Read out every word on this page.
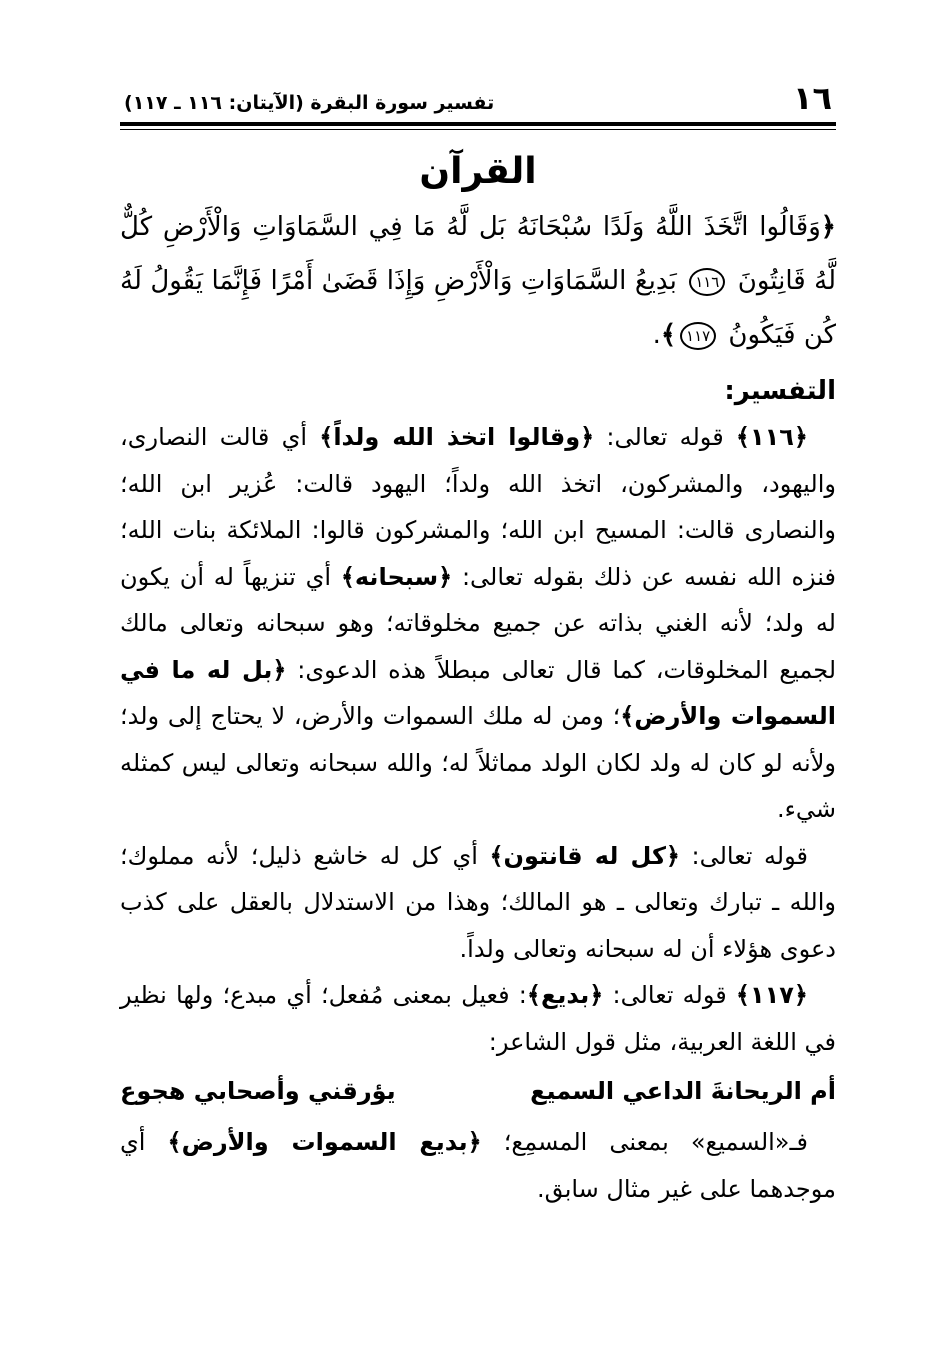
١٦
تفسير سورة البقرة (الآيتان: ١١٦ ـ ١١٧)
القرآن
﴿وَقَالُوا اتَّخَذَ اللَّهُ وَلَدًا سُبْحَانَهُ بَل لَّهُ مَا فِي السَّمَاوَاتِ وَالْأَرْضِ كُلٌّ لَّهُ قَانِتُونَ ١١٦ بَدِيعُ السَّمَاوَاتِ وَالْأَرْضِ وَإِذَا قَضَىٰ أَمْرًا فَإِنَّمَا يَقُولُ لَهُ كُن فَيَكُونُ ١١٧﴾.
التفسير:

﴿١١٦﴾ قوله تعالى: ﴿وقالوا اتخذ الله ولداً﴾ أي قالت النصارى، واليهود، والمشركون، اتخذ الله ولداً؛ اليهود قالت: عُزير ابن الله؛ والنصارى قالت: المسيح ابن الله؛ والمشركون قالوا: الملائكة بنات الله؛ فنزه الله نفسه عن ذلك بقوله تعالى: ﴿سبحانه﴾ أي تنزيهاً له أن يكون له ولد؛ لأنه الغني بذاته عن جميع مخلوقاته؛ وهو سبحانه وتعالى مالك لجميع المخلوقات، كما قال تعالى مبطلاً هذه الدعوى: ﴿بل له ما في السموات والأرض﴾؛ ومن له ملك السموات والأرض، لا يحتاج إلى ولد؛ ولأنه لو كان له ولد لكان الولد مماثلاً له؛ والله سبحانه وتعالى ليس كمثله شيء.

قوله تعالى: ﴿كل له قانتون﴾ أي كل له خاشع ذليل؛ لأنه مملوك؛ والله ـ تبارك وتعالى ـ هو المالك؛ وهذا من الاستدلال بالعقل على كذب دعوى هؤلاء أن له سبحانه وتعالى ولداً.

﴿١١٧﴾ قوله تعالى: ﴿بديع﴾: فعيل بمعنى مُفعل؛ أي مبدع؛ ولها نظير في اللغة العربية، مثل قول الشاعر:

أم الريحانةَ الداعي السميع
يؤرقني وأصحابي هجوع

فـ«السميع» بمعنى المسمِع؛ ﴿بديع السموات والأرض﴾ أي موجدهما على غير مثال سابق.
